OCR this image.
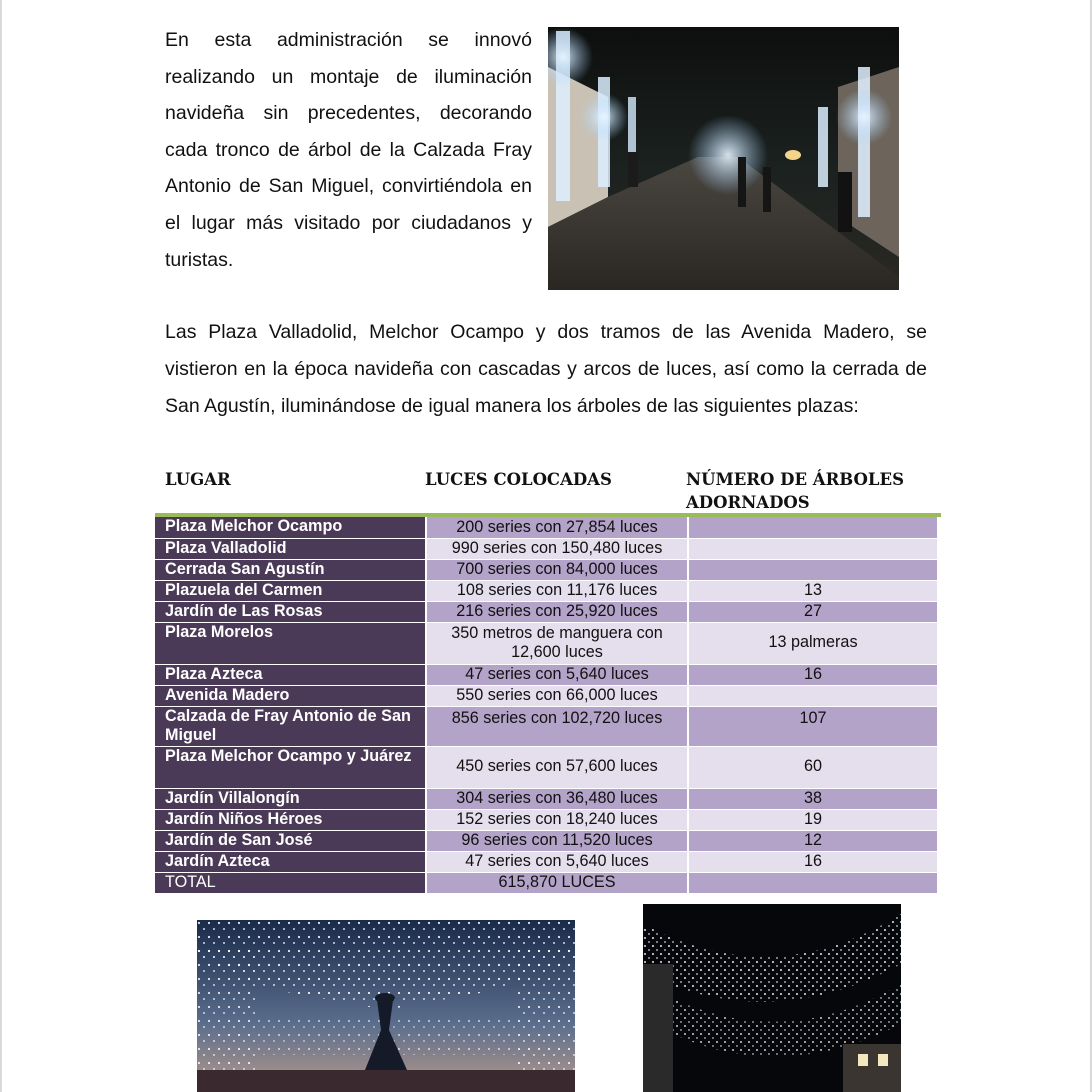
En esta administración se innovó realizando un montaje de iluminación navideña sin precedentes, decorando cada tronco de árbol de la Calzada Fray Antonio de San Miguel, convirtiéndola en el lugar más visitado por ciudadanos y turistas.

Las Plaza Valladolid, Melchor Ocampo y dos tramos de las Avenida Madero, se vistieron en la época navideña con cascadas y arcos de luces, así como la cerrada de San Agustín, iluminándose de igual manera los árboles de las siguientes plazas:

LUGAR	LUCES COLOCADAS	NÚMERO DE ÁRBOLES ADORNADOS
Plaza Melchor Ocampo	200 series con 27,854 luces	
Plaza Valladolid	990 series con 150,480 luces	
Cerrada San Agustín	700 series con 84,000 luces	
Plazuela del Carmen	108 series con 11,176 luces	13
Jardín de Las Rosas	216 series con 25,920 luces	27
Plaza Morelos	350 metros de manguera con 12,600 luces	13 palmeras
Plaza Azteca	47 series con 5,640 luces	16
Avenida Madero	550 series con 66,000 luces	
Calzada de Fray Antonio de San Miguel	856 series con 102,720 luces	107
Plaza Melchor Ocampo y Juárez	450 series con 57,600 luces	60
Jardín Villalongín	304 series con 36,480 luces	38
Jardín Niños Héroes	152 series con 18,240 luces	19
Jardín de San José	96 series con 11,520 luces	12
Jardín Azteca	47 series con 5,640 luces	16
TOTAL	615,870 LUCES	
